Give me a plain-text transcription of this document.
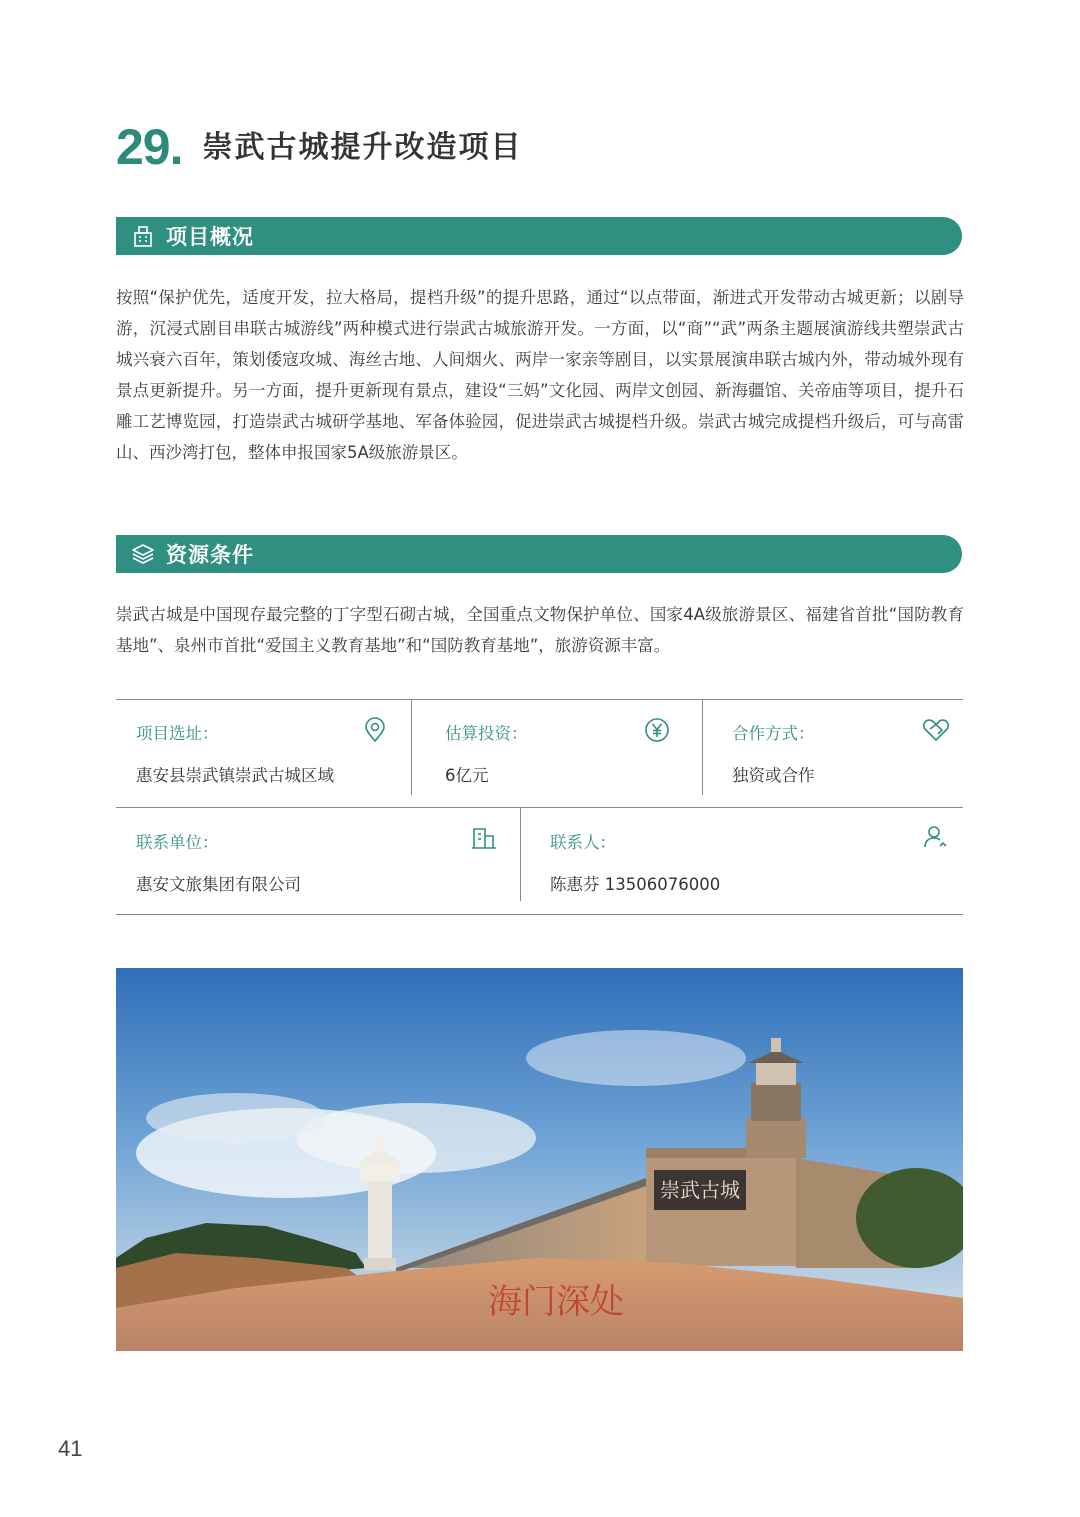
29. 崇武古城提升改造项目
项目概况

按照“保护优先，适度开发，拉大格局，提档升级”的提升思路，通过“以点带面，渐进式开发带动古城更新；以剧导游，沉浸式剧目串联古城游线”两种模式进行崇武古城旅游开发。一方面，以“商”“武”两条主题展演游线共塑崇武古城兴衰六百年，策划倭寇攻城、海丝古地、人间烟火、两岸一家亲等剧目，以实景展演串联古城内外，带动城外现有景点更新提升。另一方面，提升更新现有景点，建设“三妈”文化园、两岸文创园、新海疆馆、关帝庙等项目，提升石雕工艺博览园，打造崇武古城研学基地、军备体验园，促进崇武古城提档升级。崇武古城完成提档升级后，可与高雷山、西沙湾打包，整体申报国家5A级旅游景区。

资源条件

崇武古城是中国现存最完整的丁字型石砌古城，全国重点文物保护单位、国家4A级旅游景区、福建省首批“国防教育基地”、泉州市首批“爱国主义教育基地”和“国防教育基地”，旅游资源丰富。

项目选址：
惠安县崇武镇崇武古城区域
估算投资：
6亿元
合作方式：
独资或合作
联系单位：
惠安文旅集团有限公司
联系人：
陈惠芬 13506076000
崇武古城
海门深处
41
